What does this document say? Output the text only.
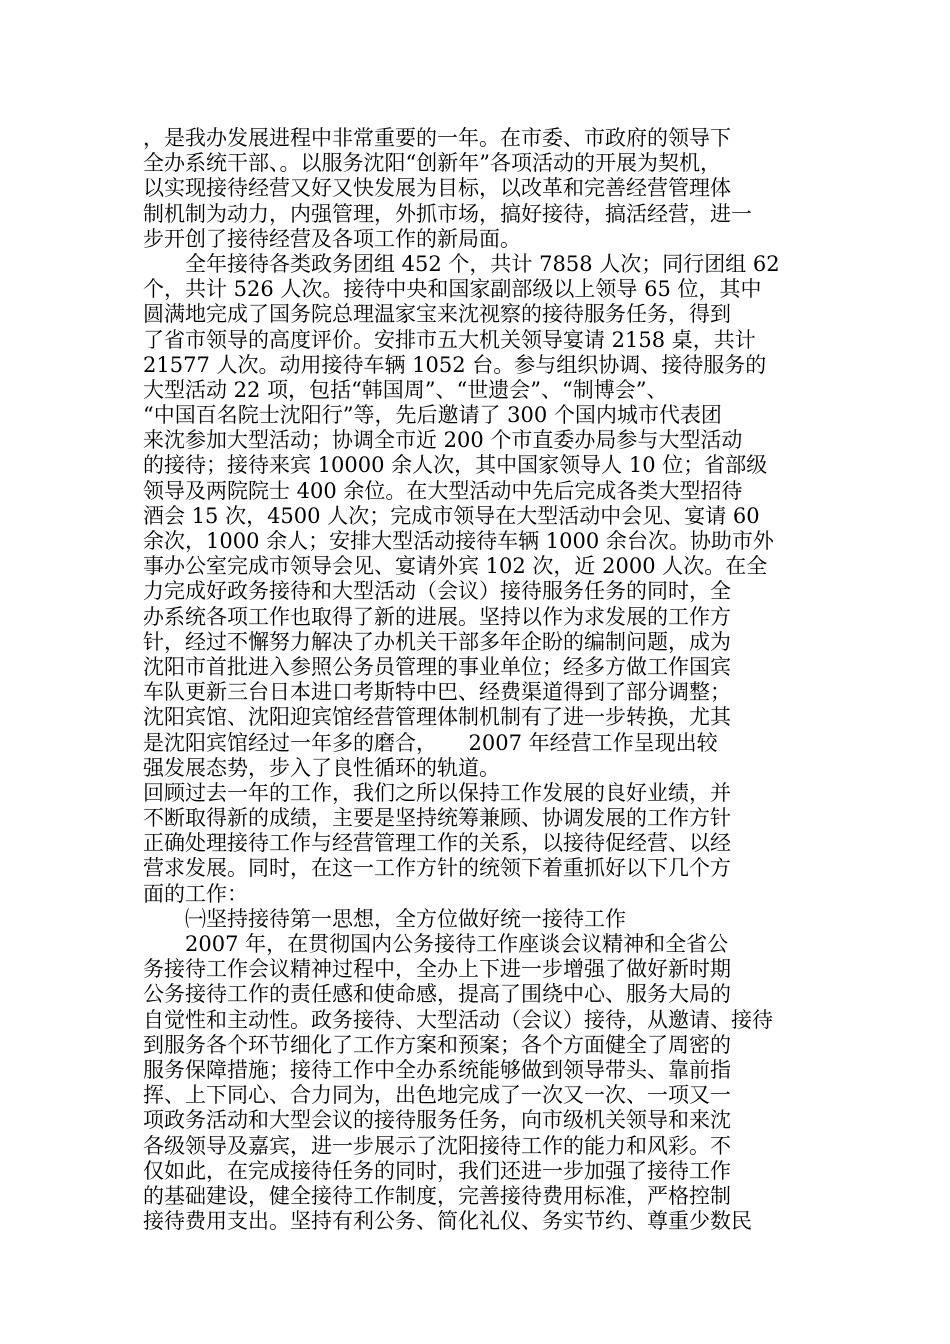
，是我办发展进程中非常重要的一年。在市委、市政府的领导下
全办系统干部、。以服务沈阳“创新年”各项活动的开展为契机，
以实现接待经营又好又快发展为目标，以改革和完善经营管理体
制机制为动力，内强管理，外抓市场，搞好接待，搞活经营，进一
步开创了接待经营及各项工作的新局面。
　　全年接待各类政务团组 452 个，共计 7858 人次；同行团组 62
个，共计 526 人次。接待中央和国家副部级以上领导 65 位，其中
圆满地完成了国务院总理温家宝来沈视察的接待服务任务，得到
了省市领导的高度评价。安排市五大机关领导宴请 2158 桌，共计
21577 人次。动用接待车辆 1052 台。参与组织协调、接待服务的
大型活动 22 项，包括“韩国周”、“世遗会”、“制博会”、
“中国百名院士沈阳行”等，先后邀请了 300 个国内城市代表团
来沈参加大型活动；协调全市近 200 个市直委办局参与大型活动
的接待；接待来宾 10000 余人次，其中国家领导人 10 位；省部级
领导及两院院士 400 余位。在大型活动中先后完成各类大型招待
酒会 15 次，4500 人次；完成市领导在大型活动中会见、宴请 60
余次，1000 余人；安排大型活动接待车辆 1000 余台次。协助市外
事办公室完成市领导会见、宴请外宾 102 次，近 2000 人次。在全
力完成好政务接待和大型活动（会议）接待服务任务的同时，全
办系统各项工作也取得了新的进展。坚持以作为求发展的工作方
针，经过不懈努力解决了办机关干部多年企盼的编制问题，成为
沈阳市首批进入参照公务员管理的事业单位；经多方做工作国宾
车队更新三台日本进口考斯特中巴、经费渠道得到了部分调整；
沈阳宾馆、沈阳迎宾馆经营管理体制机制有了进一步转换，尤其
是沈阳宾馆经过一年多的磨合，　　2007 年经营工作呈现出较
强发展态势，步入了良性循环的轨道。
回顾过去一年的工作，我们之所以保持工作发展的良好业绩，并
不断取得新的成绩，主要是坚持统筹兼顾、协调发展的工作方针
正确处理接待工作与经营管理工作的关系，以接待促经营、以经
营求发展。同时，在这一工作方针的统领下着重抓好以下几个方
面的工作：
　　㈠坚持接待第一思想，全方位做好统一接待工作
　　2007 年，在贯彻国内公务接待工作座谈会议精神和全省公
务接待工作会议精神过程中，全办上下进一步增强了做好新时期
公务接待工作的责任感和使命感，提高了围绕中心、服务大局的
自觉性和主动性。政务接待、大型活动（会议）接待，从邀请、接待
到服务各个环节细化了工作方案和预案；各个方面健全了周密的
服务保障措施；接待工作中全办系统能够做到领导带头、靠前指
挥、上下同心、合力同为，出色地完成了一次又一次、一项又一
项政务活动和大型会议的接待服务任务，向市级机关领导和来沈
各级领导及嘉宾，进一步展示了沈阳接待工作的能力和风彩。不
仅如此，在完成接待任务的同时，我们还进一步加强了接待工作
的基础建设，健全接待工作制度，完善接待费用标准，严格控制
接待费用支出。坚持有利公务、简化礼仪、务实节约、尊重少数民
